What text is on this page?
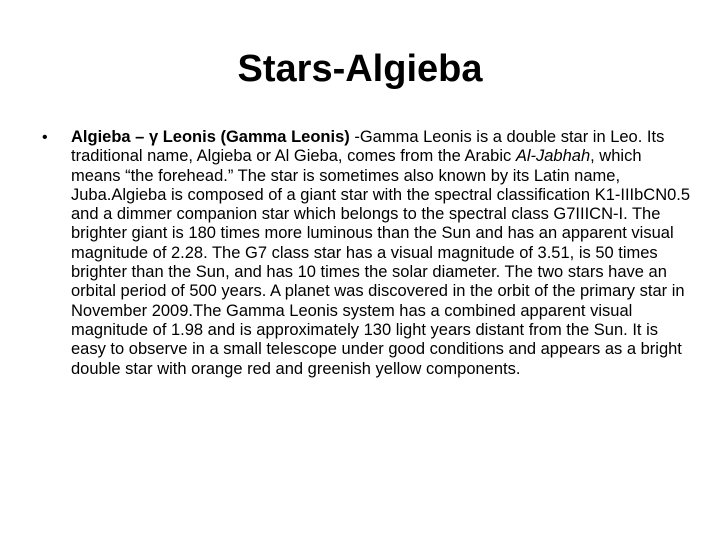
Stars-Algieba
• Algieba – γ Leonis (Gamma Leonis) -Gamma Leonis is a double star in Leo. Its traditional name, Algieba or Al Gieba, comes from the Arabic Al-Jabhah, which means “the forehead.” The star is sometimes also known by its Latin name, Juba.Algieba is composed of a giant star with the spectral classification K1-IIIbCN0.5 and a dimmer companion star which belongs to the spectral class G7IIICN-I. The brighter giant is 180 times more luminous than the Sun and has an apparent visual magnitude of 2.28. The G7 class star has a visual magnitude of 3.51, is 50 times brighter than the Sun, and has 10 times the solar diameter. The two stars have an orbital period of 500 years. A planet was discovered in the orbit of the primary star in November 2009.The Gamma Leonis system has a combined apparent visual magnitude of 1.98 and is approximately 130 light years distant from the Sun. It is easy to observe in a small telescope under good conditions and appears as a bright double star with orange red and greenish yellow components.
